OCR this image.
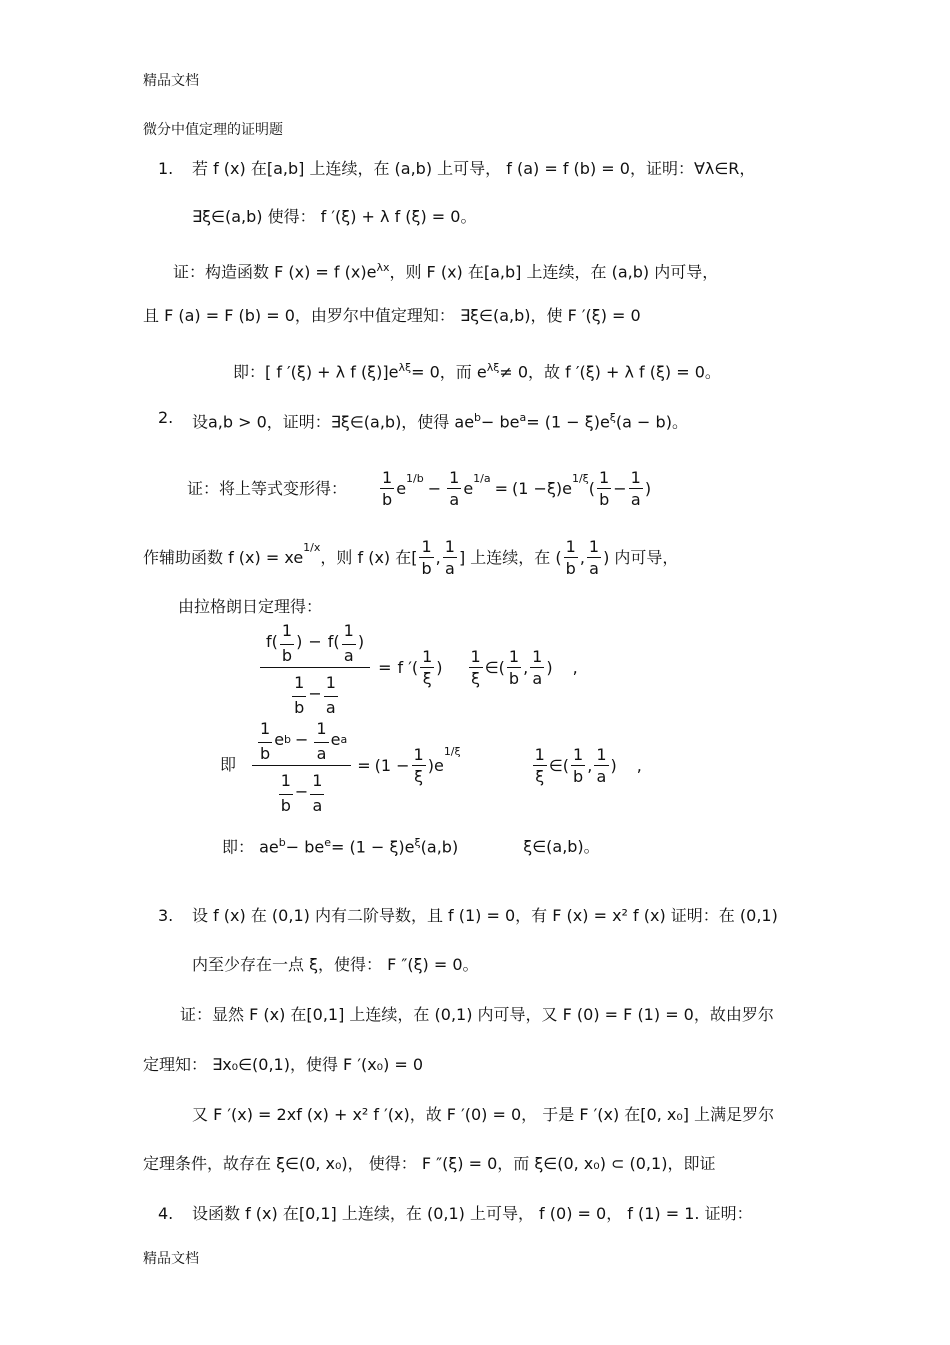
精品文档
微分中值定理的证明题
1. 若 f (x) 在[a,b] 上连续，在 (a,b) 上可导， f (a) = f (b) = 0，证明：∀λ∈R，
∃ξ∈(a,b) 使得： f ′(ξ) + λ f (ξ) = 0。
证：构造函数 F (x) = f $(x)e^{\lambda x}$，则 F (x) 在[a,b] 上连续，在 (a,b) 内可导，
且 F (a) = F (b) = 0，由罗尔中值定理知： ∃ξ∈(a,b)，使 F ′(ξ) = 0
即：[ f ′(ξ) + λ f $(\xi)]e^{\lambda\xi}= 0$，而 $e^{\lambda\xi}\ne 0$，故 f ′(ξ) + λ f (ξ) = 0。
2. 设a,b > 0，证明：∃ξ∈(a,b)，使得 $ae^b- be^a= (1 - \xi)e^\xi(a - b)$。
证：将上等式变形得： $\frac{1}{b}$ e
$^{1/b}$
− $\frac{1}{a}$ e
$^{1/a}$
= (1 − ξ )e
$^{1/\xi}$
( $\frac{1}{b} - \frac{1}{a}$ )
作辅助函数 f (x) = xe
$^{1/x}$
，则 f (x) 在[ $\frac{1}{b}$ , $\frac{1}{a}$ ] 上连续，在 ( $\frac{1}{b}$ , $\frac{1}{a}$ ) 内可导，
由拉格朗日定理得：
$\frac{f ( \frac{1}{b} ) - f ( \frac{1}{a} )}{\frac{1}{b} - \frac{1}{a}} = f$ ′( $\frac{1}{\xi}$ ) $\frac{1}{\xi}$ ∈ ( $\frac{1}{b}$ , $\frac{1}{a}$ ) ,
即 $\frac{1}{b}$ e $b - \frac{1}{a}$ e a
$\frac{1}{b} - \frac{1}{a}$
= $(1 - \frac{1}{\xi} )e$
$^{1/\xi}$	$\frac{1}{\xi}$ ∈ ( $\frac{1}{b}$ , $\frac{1}{a}$ ) ,
即： $ae^b- be^e= (1 - \xi)e^\xi(a,b)$	ξ∈(a,b)。
3. 设 f (x) 在 (0,1) 内有二阶导数，且 f (1) = 0，有 F (x) = x² f (x) 证明：在 (0,1)
内至少存在一点 ξ，使得： F ″(ξ) = 0。
证：显然 F (x) 在[0,1] 上连续，在 (0,1) 内可导，又 F (0) = F (1) = 0，故由罗尔
定理知： ∃x₀∈(0,1)，使得 F ′(x₀) = 0
又 F ′(x) = 2xf (x) + x² f ′(x)，故 F ′(0) = 0， 于是 F ′(x) 在[0, x₀] 上满足罗尔
定理条件，故存在 ξ∈(0, x₀)， 使得： F ″(ξ) = 0，而 ξ∈(0, x₀) ⊂ (0,1)，即证
4. 设函数 f (x) 在[0,1] 上连续，在 (0,1) 上可导， f (0) = 0， f (1) = 1. 证明：
精品文档
